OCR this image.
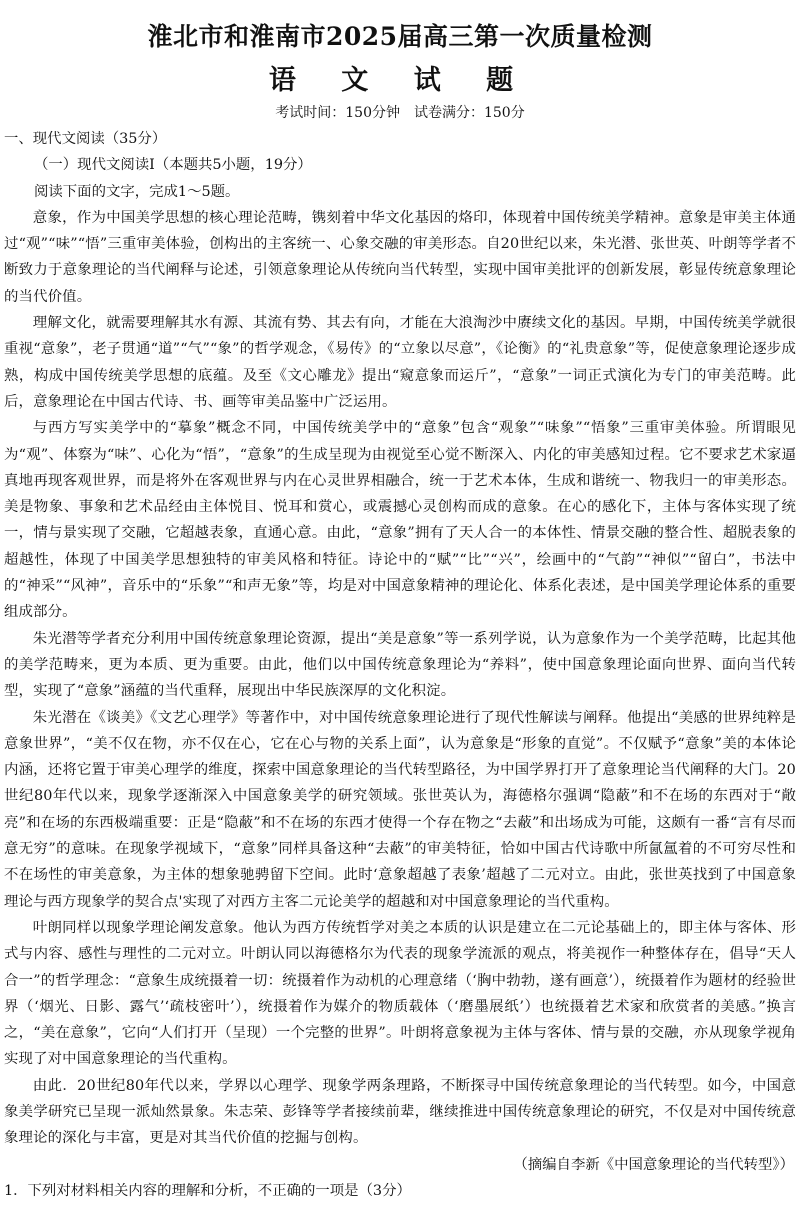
淮北市和淮南市2025届高三第一次质量检测
语 文 试 题

考试时间：150分钟　试卷满分：150分

一、现代文阅读（35分）

（一）现代文阅读Ⅰ（本题共5小题，19分）

阅读下面的文字，完成1～5题。

意象，作为中国美学思想的核心理论范畴，镌刻着中华文化基因的烙印，体现着中国传统美学精神。意象是审美主体通过“观”“味”“悟”三重审美体验，创构出的主客统一、心象交融的审美形态。自20世纪以来，朱光潜、张世英、叶朗等学者不断致力于意象理论的当代阐释与论述，引领意象理论从传统向当代转型，实现中国审美批评的创新发展，彰显传统意象理论的当代价值。

理解文化，就需要理解其水有源、其流有势、其去有向，才能在大浪淘沙中赓续文化的基因。早期，中国传统美学就很重视“意象”，老子贯通“道”“气”“象”的哲学观念，《易传》的“立象以尽意”，《论衡》的“礼贵意象”等，促使意象理论逐步成熟，构成中国传统美学思想的底蕴。及至《文心雕龙》提出“窥意象而运斤”，“意象”一词正式演化为专门的审美范畴。此后，意象理论在中国古代诗、书、画等审美品鉴中广泛运用。

与西方写实美学中的“摹象”概念不同，中国传统美学中的“意象”包含“观象”“味象”“悟象”三重审美体验。所谓眼见为“观”、体察为“味”、心化为“悟”，“意象”的生成呈现为由视觉至心觉不断深入、内化的审美感知过程。它不要求艺术家逼真地再现客观世界，而是将外在客观世界与内在心灵世界相融合，统一于艺术本体，生成和谐统一、物我归一的审美形态。美是物象、事象和艺术品经由主体悦目、悦耳和赏心，或震撼心灵创构而成的意象。在心的感化下，主体与客体实现了统一，情与景实现了交融，它超越表象，直通心意。由此，“意象”拥有了天人合一的本体性、情景交融的整合性、超脱表象的超越性，体现了中国美学思想独特的审美风格和特征。诗论中的“赋”“比”“兴”，绘画中的“气韵”“神似”“留白”，书法中的“神采”“风神”，音乐中的“乐象”“和声无象”等，均是对中国意象精神的理论化、体系化表述，是中国美学理论体系的重要组成部分。

朱光潜等学者充分利用中国传统意象理论资源，提出“美是意象”等一系列学说，认为意象作为一个美学范畴，比起其他的美学范畴来，更为本质、更为重要。由此，他们以中国传统意象理论为“养料”，使中国意象理论面向世界、面向当代转型，实现了“意象”涵蕴的当代重释，展现出中华民族深厚的文化积淀。

朱光潜在《谈美》《文艺心理学》等著作中，对中国传统意象理论进行了现代性解读与阐释。他提出“美感的世界纯粹是意象世界”，“美不仅在物，亦不仅在心，它在心与物的关系上面”，认为意象是“形象的直觉”。不仅赋予“意象”美的本体论内涵，还将它置于审美心理学的维度，探索中国意象理论的当代转型路径，为中国学界打开了意象理论当代阐释的大门。20世纪80年代以来，现象学逐渐深入中国意象美学的研究领域。张世英认为，海德格尔强调“隐蔽”和不在场的东西对于“敞亮”和在场的东西极端重要：正是“隐蔽”和不在场的东西才使得一个存在物之“去蔽”和出场成为可能，这颇有一番“言有尽而意无穷”的意味。在现象学视域下，“意象”同样具备这种“去蔽”的审美特征，恰如中国古代诗歌中所氤氲着的不可穷尽性和不在场性的审美意象，为主体的想象驰骋留下空间。此时‘意象超越了表象’超越了二元对立。由此，张世英找到了中国意象理论与西方现象学的契合点'实现了对西方主客二元论美学的超越和对中国意象理论的当代重构。

叶朗同样以现象学理论阐发意象。他认为西方传统哲学对美之本质的认识是建立在二元论基础上的，即主体与客体、形式与内容、感性与理性的二元对立。叶朗认同以海德格尔为代表的现象学流派的观点，将美视作一种整体存在，倡导“天人合一”的哲学理念：“意象生成统摄着一切：统摄着作为动机的心理意绪（‘胸中勃勃，遂有画意’），统摄着作为题材的经验世界（‘烟光、日影、露气’‘疏枝密叶’），统摄着作为媒介的物质载体（‘磨墨展纸’）也统摄着艺术家和欣赏者的美感。”换言之，“美在意象”，它向“人们打开（呈现）一个完整的世界”。叶朗将意象视为主体与客体、情与景的交融，亦从现象学视角实现了对中国意象理论的当代重构。

由此．20世纪80年代以来，学界以心理学、现象学两条理路，不断探寻中国传统意象理论的当代转型。如今，中国意象美学研究已呈现一派灿然景象。朱志荣、彭锋等学者接续前辈，继续推进中国传统意象理论的研究，不仅是对中国传统意象理论的深化与丰富，更是对其当代价值的挖掘与创构。

（摘编自李新《中国意象理论的当代转型》）

1．下列对材料相关内容的理解和分析，不正确的一项是（3分）
